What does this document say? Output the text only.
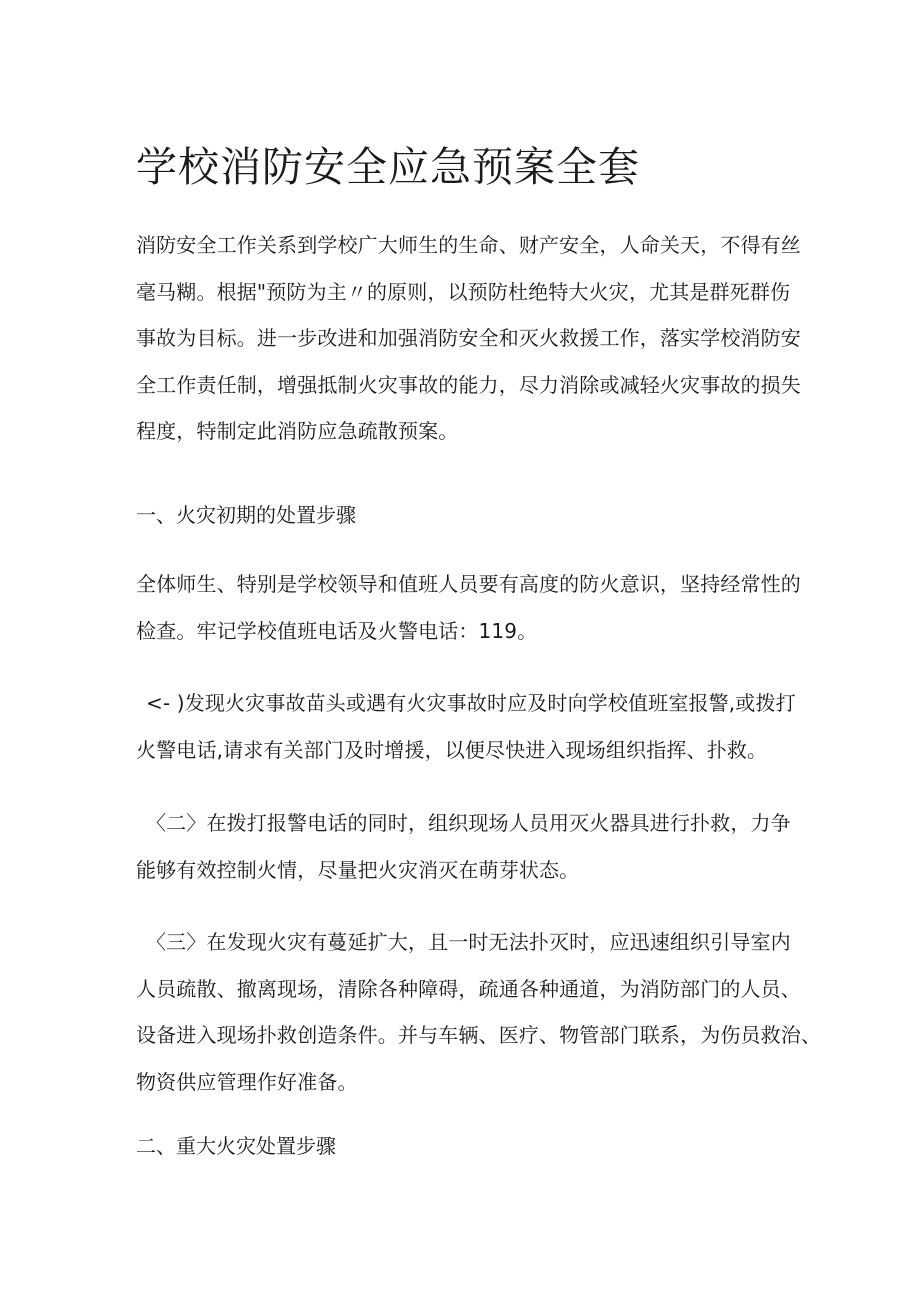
学校消防安全应急预案全套

消防安全工作关系到学校广大师生的生命、财产安全，人命关天，不得有丝
毫马糊。根据"预防为主〃的原则，以预防杜绝特大火灾，尤其是群死群伤
事故为目标。进一步改进和加强消防安全和灭火救援工作，落实学校消防安
全工作责任制，增强抵制火灾事故的能力，尽力消除或减轻火灾事故的损失
程度，特制定此消防应急疏散预案。

一、火灾初期的处置步骤

全体师生、特别是学校领导和值班人员要有高度的防火意识，坚持经常性的
检查。牢记学校值班电话及火警电话：119。

<- )发现火灾事故苗头或遇有火灾事故时应及时向学校值班室报警,或拨打
火警电话,请求有关部门及时增援，以便尽快进入现场组织指挥、扑救。

〈二〉在拨打报警电话的同时，组织现场人员用灭火器具进行扑救，力争
能够有效控制火情，尽量把火灾消灭在萌芽状态。

〈三〉在发现火灾有蔓延扩大，且一时无法扑灭时，应迅速组织引导室内
人员疏散、撤离现场，清除各种障碍，疏通各种通道，为消防部门的人员、
设备进入现场扑救创造条件。并与车辆、医疗、物管部门联系，为伤员救治、
物资供应管理作好准备。

二、重大火灾处置步骤
